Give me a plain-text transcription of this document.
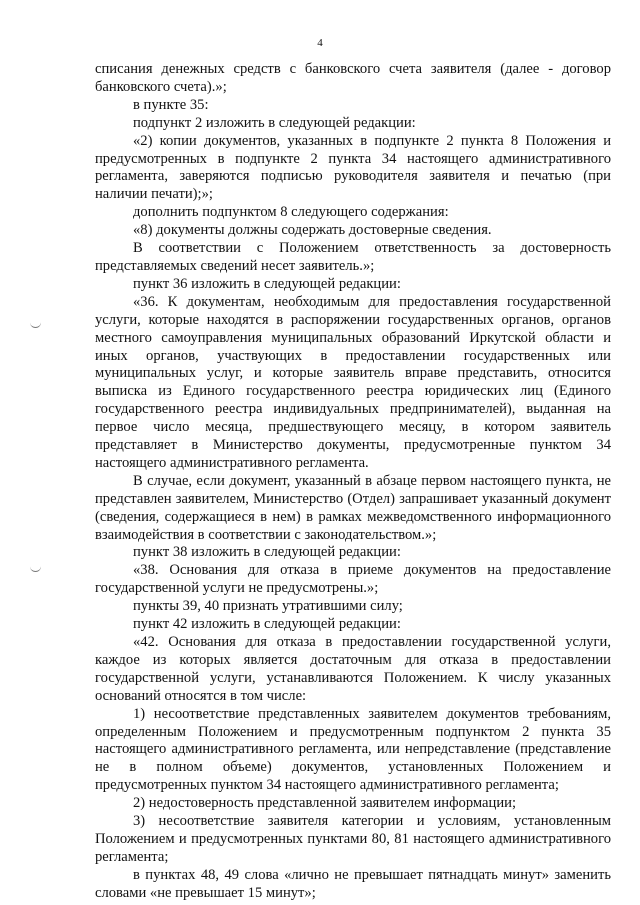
4

списания денежных средств с банковского счета заявителя (далее - договор банковского счета).»;

в пункте 35:

подпункт 2 изложить в следующей редакции:

«2) копии документов, указанных в подпункте 2 пункта 8 Положения и предусмотренных в подпункте 2 пункта 34 настоящего административного регламента, заверяются подписью руководителя заявителя и печатью (при наличии печати);»;

дополнить подпунктом 8 следующего содержания:

«8) документы должны содержать достоверные сведения.

В соответствии с Положением ответственность за достоверность представляемых сведений несет заявитель.»;

пункт 36 изложить в следующей редакции:

«36. К документам, необходимым для предоставления государственной услуги, которые находятся в распоряжении государственных органов, органов местного самоуправления муниципальных образований Иркутской области и иных органов, участвующих в предоставлении государственных или муниципальных услуг, и которые заявитель вправе представить, относится выписка из Единого государственного реестра юридических лиц (Единого государственного реестра индивидуальных предпринимателей), выданная на первое число месяца, предшествующего месяцу, в котором заявитель представляет в Министерство документы, предусмотренные пунктом 34 настоящего административного регламента.

В случае, если документ, указанный в абзаце первом настоящего пункта, не представлен заявителем, Министерство (Отдел) запрашивает указанный документ (сведения, содержащиеся в нем) в рамках межведомственного информационного взаимодействия в соответствии с законодательством.»;

пункт 38 изложить в следующей редакции:

«38. Основания для отказа в приеме документов на предоставление государственной услуги не предусмотрены.»;

пункты 39, 40 признать утратившими силу;

пункт 42 изложить в следующей редакции:

«42. Основания для отказа в предоставлении государственной услуги, каждое из которых является достаточным для отказа в предоставлении государственной услуги, устанавливаются Положением. К числу указанных оснований относятся в том числе:

1) несоответствие представленных заявителем документов требованиям, определенным Положением и предусмотренным подпунктом 2 пункта 35 настоящего административного регламента, или непредставление (представление не в полном объеме) документов, установленных Положением и предусмотренных пунктом 34 настоящего административного регламента;

2) недостоверность представленной заявителем информации;

3) несоответствие заявителя категории и условиям, установленным Положением и предусмотренных пунктами 80, 81 настоящего административного регламента;

в пунктах 48, 49 слова «лично не превышает пятнадцать минут» заменить словами «не превышает 15 минут»;
